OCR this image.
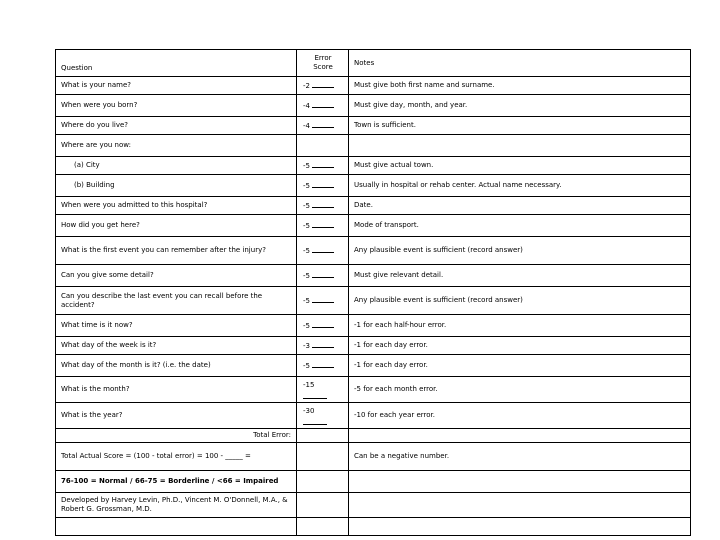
Question	Error Score	Notes
What is your name?	-2	Must give both first name and surname.
When were you born?	-4	Must give day, month, and year.
Where do you live?	-4	Town is sufficient.
Where are you now:		
(a) City	-5	Must give actual town.
(b) Building	-5	Usually in hospital or rehab center. Actual name necessary.
When were you admitted to this hospital?	-5	Date.
How did you get here?	-5	Mode of transport.
What is the first event you can remember after the injury?	-5	Any plausible event is sufficient (record answer)
Can you give some detail?	-5	Must give relevant detail.
Can you describe the last event you can recall before the accident?	-5	Any plausible event is sufficient (record answer)
What time is it now?	-5	-1 for each half-hour error.
What day of the week is it?	-3	-1 for each day error.
What day of the month is it? (i.e. the date)	-5	-1 for each day error.
What is the month?	-15	-5 for each month error.
What is the year?	-30	-10 for each year error.
Total Error:		
Total Actual Score = (100 - total error) = 100 - _____ =		Can be a negative number.
76-100 = Normal / 66-75 = Borderline / <66 = Impaired		
Developed by Harvey Levin, Ph.D., Vincent M. O'Donnell, M.A., & Robert G. Grossman, M.D.		
